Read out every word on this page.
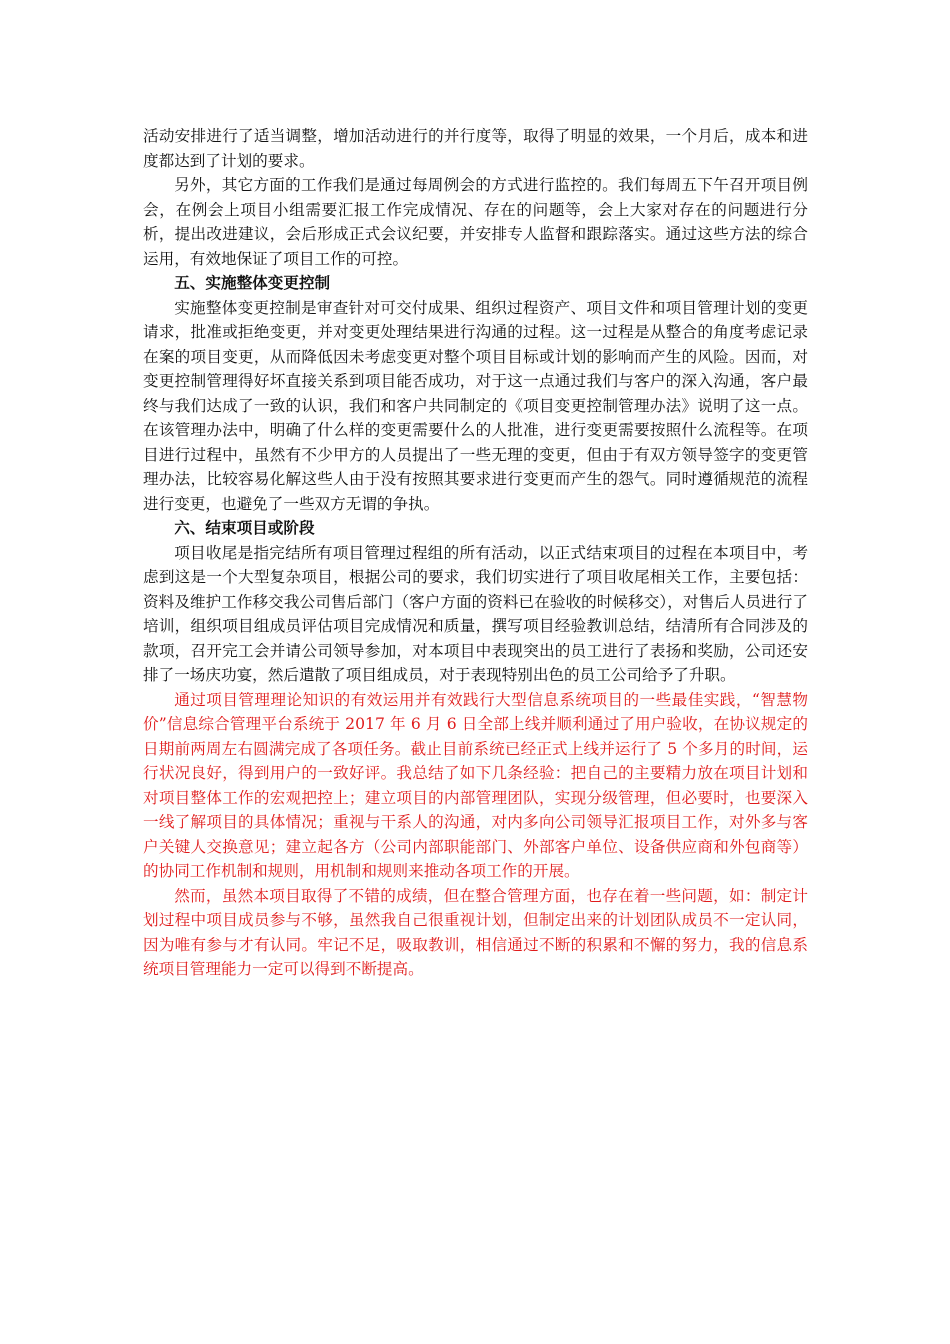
活动安排进行了适当调整，增加活动进行的并行度等，取得了明显的效果，一个月后，成本和进度都达到了计划的要求。

另外，其它方面的工作我们是通过每周例会的方式进行监控的。我们每周五下午召开项目例会，在例会上项目小组需要汇报工作完成情况、存在的问题等，会上大家对存在的问题进行分析，提出改进建议，会后形成正式会议纪要，并安排专人监督和跟踪落实。通过这些方法的综合运用，有效地保证了项目工作的可控。

五、实施整体变更控制

实施整体变更控制是审查针对可交付成果、组织过程资产、项目文件和项目管理计划的变更请求，批准或拒绝变更，并对变更处理结果进行沟通的过程。这一过程是从整合的角度考虑记录在案的项目变更，从而降低因未考虑变更对整个项目目标或计划的影响而产生的风险。因而，对变更控制管理得好坏直接关系到项目能否成功，对于这一点通过我们与客户的深入沟通，客户最终与我们达成了一致的认识，我们和客户共同制定的《项目变更控制管理办法》说明了这一点。在该管理办法中，明确了什么样的变更需要什么的人批准，进行变更需要按照什么流程等。在项目进行过程中，虽然有不少甲方的人员提出了一些无理的变更，但由于有双方领导签字的变更管理办法，比较容易化解这些人由于没有按照其要求进行变更而产生的怨气。同时遵循规范的流程进行变更，也避免了一些双方无谓的争执。

六、结束项目或阶段

项目收尾是指完结所有项目管理过程组的所有活动，以正式结束项目的过程在本项目中，考虑到这是一个大型复杂项目，根据公司的要求，我们切实进行了项目收尾相关工作，主要包括：资料及维护工作移交我公司售后部门（客户方面的资料已在验收的时候移交），对售后人员进行了培训，组织项目组成员评估项目完成情况和质量，撰写项目经验教训总结，结清所有合同涉及的款项，召开完工会并请公司领导参加，对本项目中表现突出的员工进行了表扬和奖励，公司还安排了一场庆功宴，然后遣散了项目组成员，对于表现特别出色的员工公司给予了升职。

通过项目管理理论知识的有效运用并有效践行大型信息系统项目的一些最佳实践，“智慧物价”信息综合管理平台系统于 2017 年 6 月 6 日全部上线并顺利通过了用户验收，在协议规定的日期前两周左右圆满完成了各项任务。截止目前系统已经正式上线并运行了 5 个多月的时间，运行状况良好，得到用户的一致好评。我总结了如下几条经验：把自己的主要精力放在项目计划和对项目整体工作的宏观把控上；建立项目的内部管理团队，实现分级管理，但必要时，也要深入一线了解项目的具体情况；重视与干系人的沟通，对内多向公司领导汇报项目工作，对外多与客户关键人交换意见；建立起各方（公司内部职能部门、外部客户单位、设备供应商和外包商等）的协同工作机制和规则，用机制和规则来推动各项工作的开展。

然而，虽然本项目取得了不错的成绩，但在整合管理方面，也存在着一些问题，如：制定计划过程中项目成员参与不够，虽然我自己很重视计划，但制定出来的计划团队成员不一定认同，因为唯有参与才有认同。牢记不足，吸取教训，相信通过不断的积累和不懈的努力，我的信息系统项目管理能力一定可以得到不断提高。
